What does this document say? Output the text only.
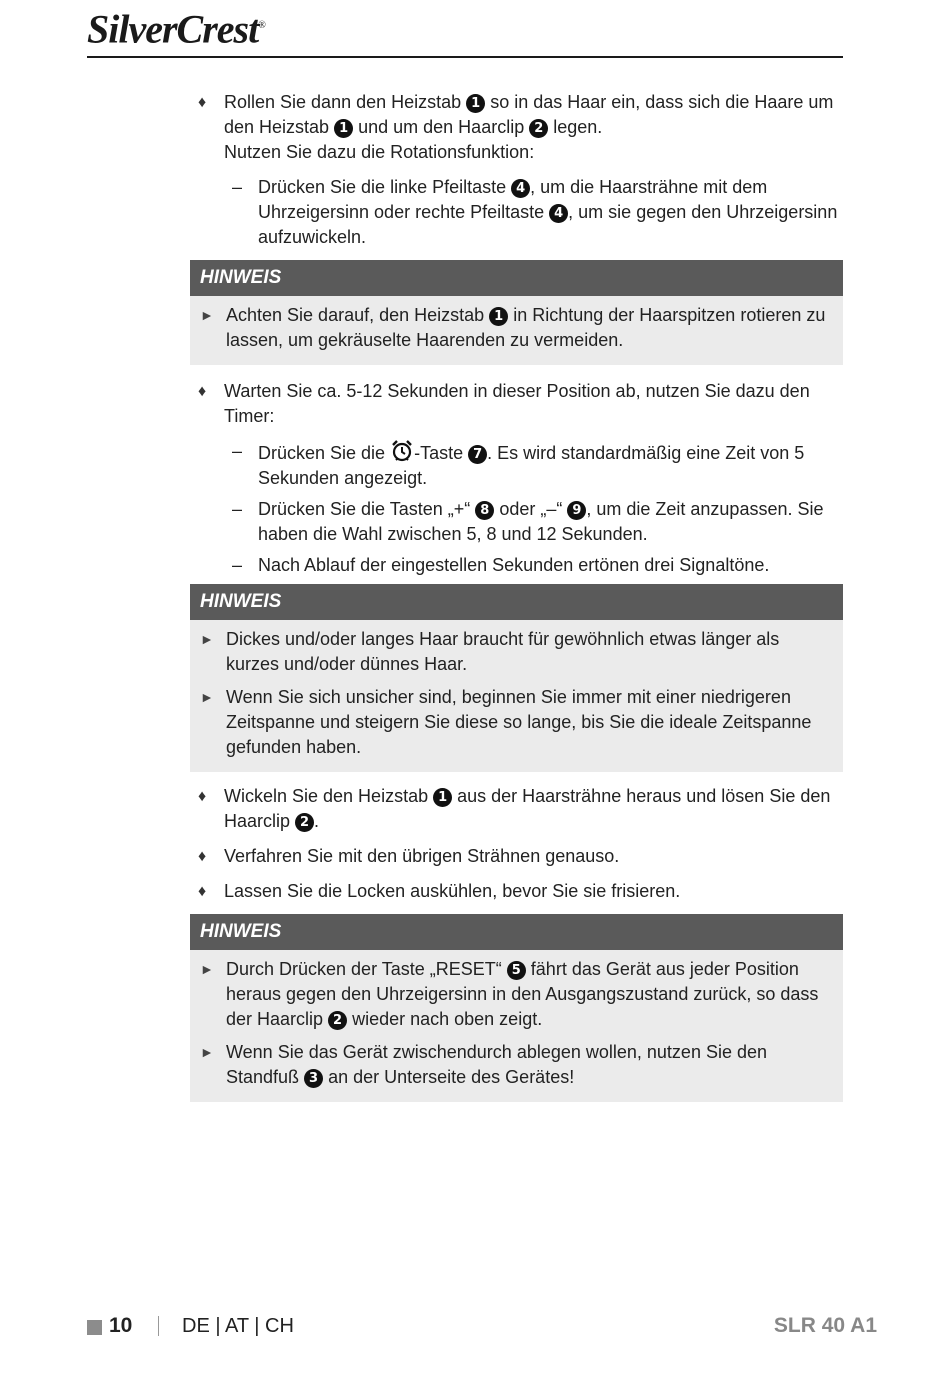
SilverCrest®
♦ Rollen Sie dann den Heizstab 1 so in das Haar ein, dass sich die Haare um den Heizstab 1 und um den Haarclip 2 legen.
Nutzen Sie dazu die Rotationsfunktion:
– Drücken Sie die linke Pfeiltaste 4 , um die Haarsträhne mit dem Uhrzeigersinn oder rechte Pfeiltaste 4 , um sie gegen den Uhrzeigersinn aufzuwickeln.
HINWEIS
► Achten Sie darauf, den Heizstab 1 in Richtung der Haarspitzen rotieren zu lassen, um gekräuselte Haarenden zu vermeiden.
♦ Warten Sie ca. 5-12 Sekunden in dieser Position ab, nutzen Sie dazu den Timer:
– Drücken Sie die -Taste 7 . Es wird standardmäßig eine Zeit von 5 Sekunden angezeigt.
– Drücken Sie die Tasten „+“ 8 oder „–“ 9 , um die Zeit anzupassen. Sie haben die Wahl zwischen 5, 8 und 12 Sekunden.
– Nach Ablauf der eingestellen Sekunden ertönen drei Signaltöne.
HINWEIS
► Dickes und/oder langes Haar braucht für gewöhnlich etwas länger als kurzes und/oder dünnes Haar.
► Wenn Sie sich unsicher sind, beginnen Sie immer mit einer niedrigeren Zeitspanne und steigern Sie diese so lange, bis Sie die ideale Zeitspanne gefunden haben.
♦ Wickeln Sie den Heizstab 1 aus der Haarsträhne heraus und lösen Sie den Haarclip 2 .
♦ Verfahren Sie mit den übrigen Strähnen genauso.
♦ Lassen Sie die Locken auskühlen, bevor Sie sie frisieren.
HINWEIS
► Durch Drücken der Taste „RESET“ 5 fährt das Gerät aus jeder Position heraus gegen den Uhrzeigersinn in den Ausgangszustand zurück, so dass der Haarclip 2 wieder nach oben zeigt.
► Wenn Sie das Gerät zwischendurch ablegen wollen, nutzen Sie den Standfuß 3 an der Unterseite des Gerätes!
10 DE | AT | CH	SLR 40 A1
